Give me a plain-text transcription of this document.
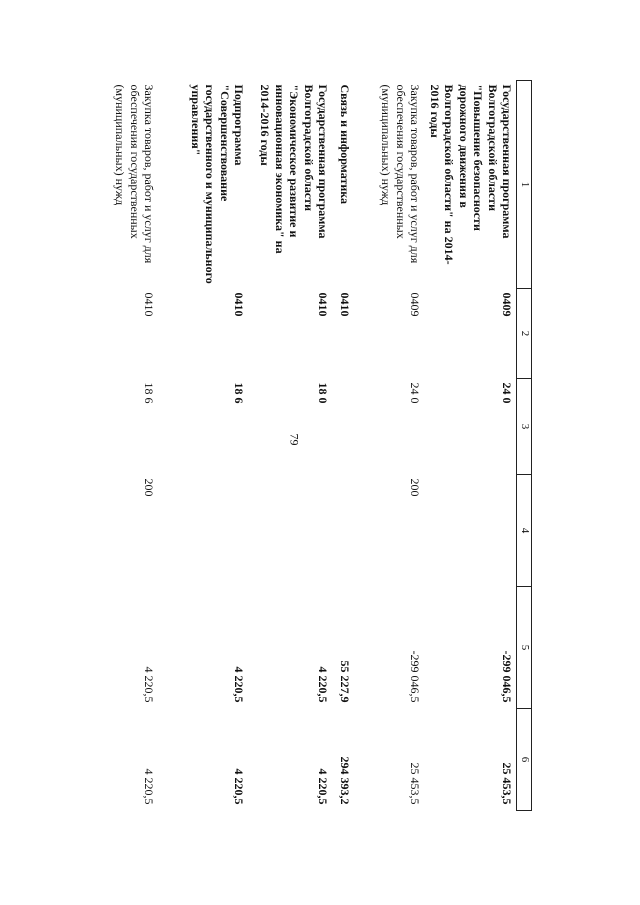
79
1	2	3	4	5	6
Государственная программа Волгоградской области "Повышение безопасности дорожного движения в Волгоградской области" на 2014-2016 годы	0409	24 0		-299 046,5	25 453,5
Закупка товаров, работ и услуг для обеспечения государственных (муниципальных) нужд	0409	24 0	200	-299 046,5	25 453,5
Связь и информатика	0410			55 227,9	294 393,2
Государственная программа Волгоградской области "Экономическое развитие и инновационная экономика" на 2014-2016 годы	0410	18 0		4 220,5	4 220,5
Подпрограмма "Совершенствование государственного и муниципального управления"	0410	18 6		4 220,5	4 220,5
Закупка товаров, работ и услуг для обеспечения государственных (муниципальных) нужд	0410	18 6	200	4 220,5	4 220,5
